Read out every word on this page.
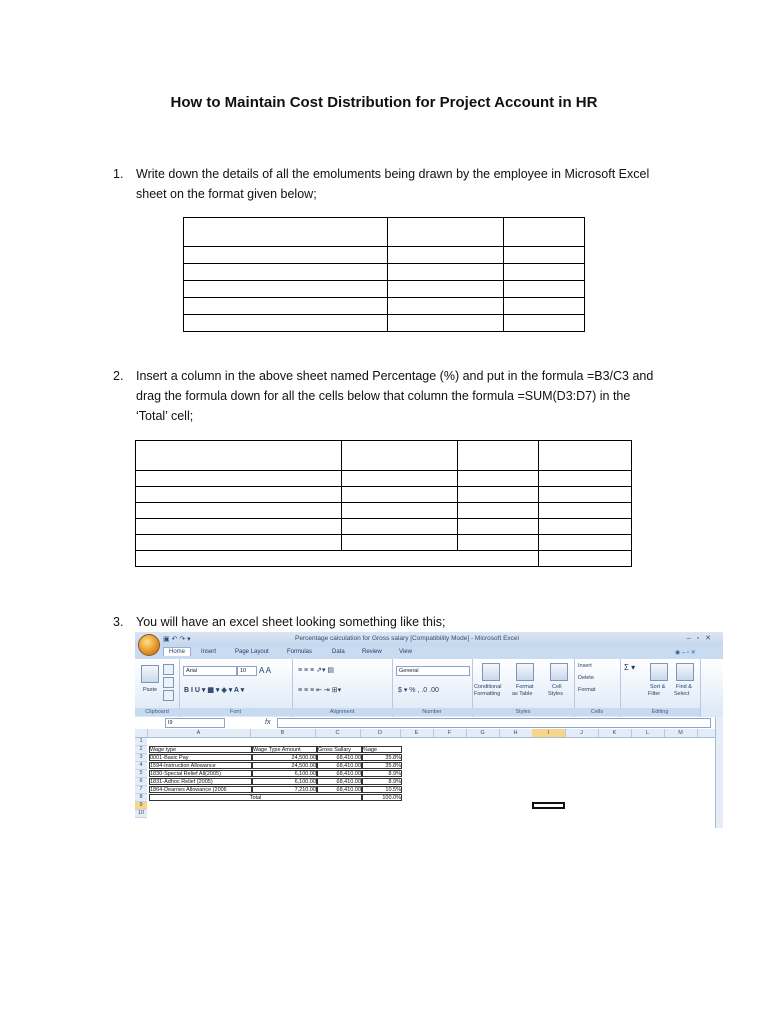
How to Maintain Cost Distribution for Project Account in HR
1. Write down the details of all the emoluments being drawn by the employee in Microsoft Excel
sheet on the format given below;

2. Insert a column in the above sheet named Percentage (%) and put in the formula =B3/C3 and
drag the formula down for all the cells below that column the formula =SUM(D3:D7) in the
‘Total’ cell;

3. You will have an excel sheet looking something like this;
▣ ↶ ↷ ▾	Percentage calculation for Gross salary [Compatibility Mode] - Microsoft Excel	–▫✕
Home	Insert	Page Layout	Formulas	Data	Review	View	◉ – ▫ ✕
Paste
Clipboard
Arial	10	A A
B I U ▾ ▦ ▾ ◈ ▾ A ▾
Font
≡ ≡ ≡ ⇗▾ ▤
≡ ≡ ≡ ⇤ ⇥ ⊞▾
Alignment
General
$ ▾ % , .0 .00
Number
Conditional
Formatting
Format
as Table
Cell
Styles
Styles
Insert
Delete
Format
Cells
Σ ▾
Sort &
Filter
Find &
Select
Editing
I9	fx
A	B	C	D	E	F	G	H	I	J	K	L	M
1
2
3
4
5
6
7
8
9
10
Wage type	Wage Type Amount	Gross Sallary	%age
0001-Basic Pay	24,500.00	68,410.00	35.8%
1594-Instruction Allowance	24,500.00	68,410.00	35.8%
1830-Special Relief All(2005)	6,100.00	68,410.00	8.9%
1831-Adhoc Relief (2005)	6,100.00	68,410.00	8.9%
1864-Dearnes Allowance (2006	7,210.00	68,410.00	10.5%
Total	100.0%
